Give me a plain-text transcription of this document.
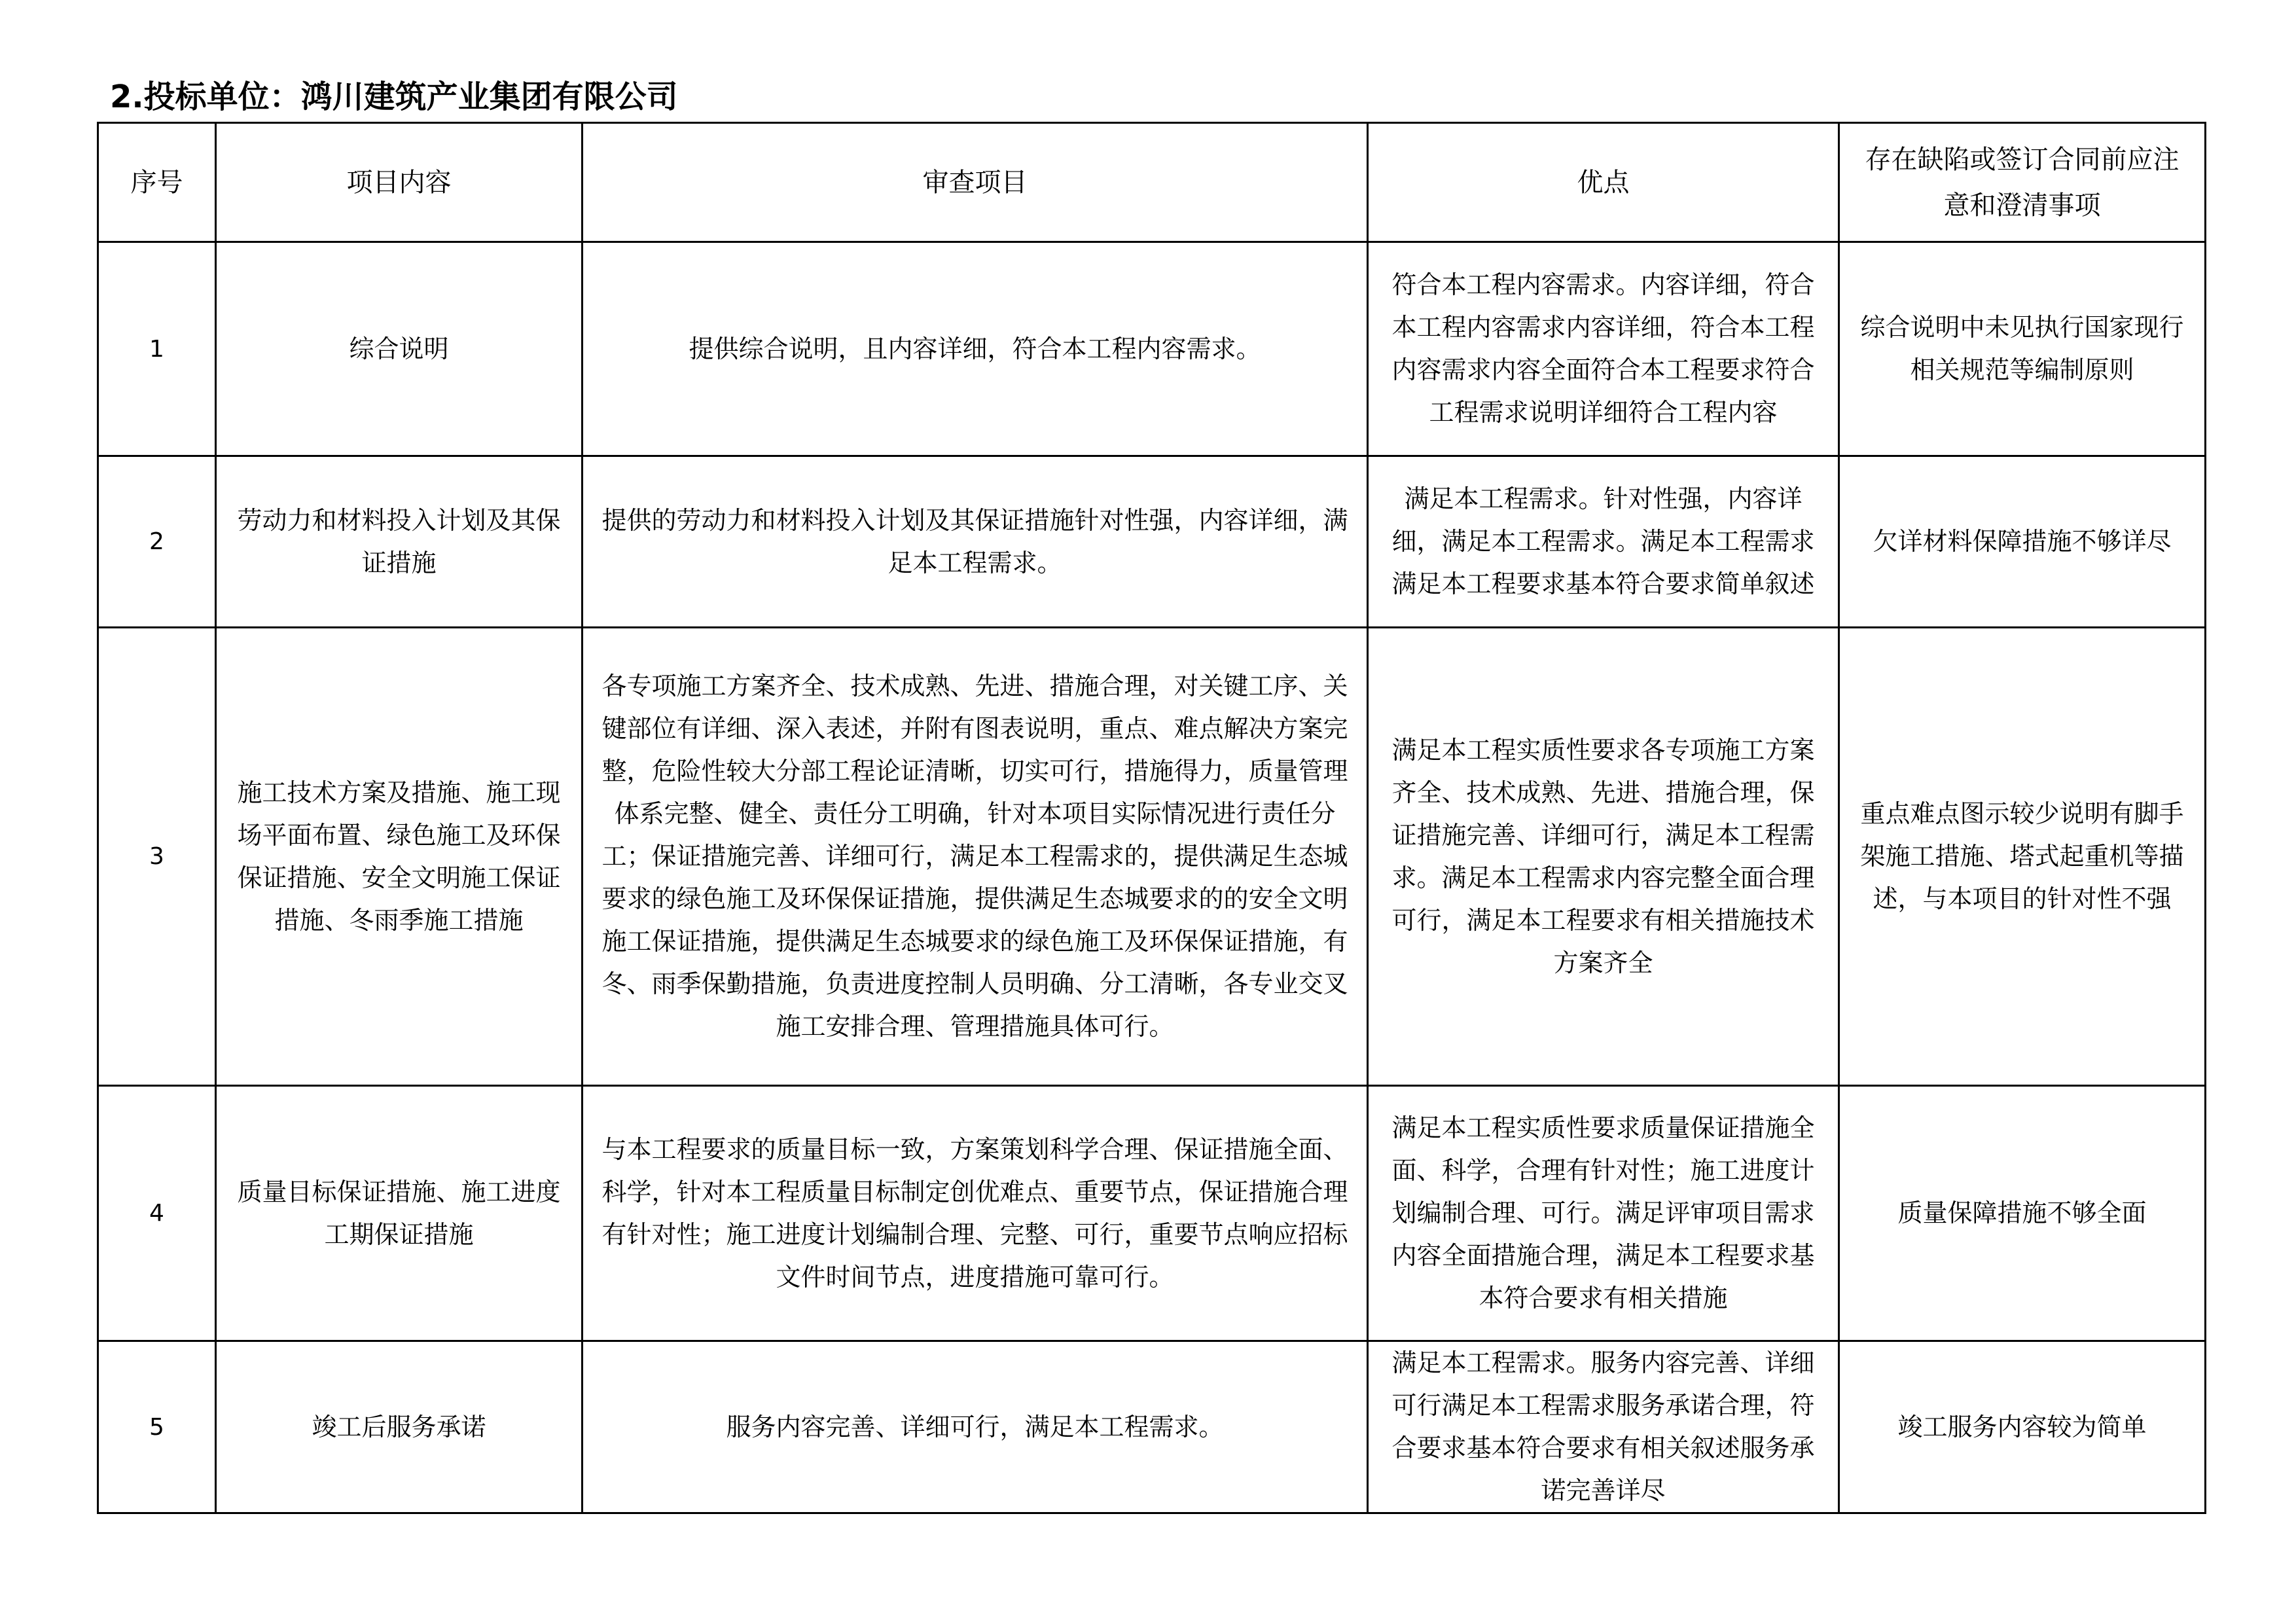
2.投标单位：鸿川建筑产业集团有限公司
序号	项目内容	审查项目	优点	存在缺陷或签订合同前应注意和澄清事项
1	综合说明	提供综合说明，且内容详细，符合本工程内容需求。	符合本工程内容需求。内容详细，符合本工程内容需求内容详细，符合本工程内容需求内容全面符合本工程要求符合工程需求说明详细符合工程内容	综合说明中未见执行国家现行相关规范等编制原则
2	劳动力和材料投入计划及其保证措施	提供的劳动力和材料投入计划及其保证措施针对性强，内容详细，满足本工程需求。	满足本工程需求。针对性强，内容详细，满足本工程需求。满足本工程需求满足本工程要求基本符合要求简单叙述	欠详材料保障措施不够详尽
3	施工技术方案及措施、施工现场平面布置、绿色施工及环保保证措施、安全文明施工保证措施、冬雨季施工措施	各专项施工方案齐全、技术成熟、先进、措施合理，对关键工序、关键部位有详细、深入表述，并附有图表说明，重点、难点解决方案完整，危险性较大分部工程论证清晰，切实可行，措施得力，质量管理体系完整、健全、责任分工明确，针对本项目实际情况进行责任分工；保证措施完善、详细可行，满足本工程需求的，提供满足生态城要求的绿色施工及环保保证措施，提供满足生态城要求的的安全文明施工保证措施，提供满足生态城要求的绿色施工及环保保证措施，有冬、雨季保勤措施，负责进度控制人员明确、分工清晰，各专业交叉施工安排合理、管理措施具体可行。	满足本工程实质性要求各专项施工方案齐全、技术成熟、先进、措施合理，保证措施完善、详细可行，满足本工程需求。满足本工程需求内容完整全面合理可行，满足本工程要求有相关措施技术方案齐全	重点难点图示较少说明有脚手架施工措施、塔式起重机等描述，与本项目的针对性不强
4	质量目标保证措施、施工进度工期保证措施	与本工程要求的质量目标一致，方案策划科学合理、保证措施全面、科学，针对本工程质量目标制定创优难点、重要节点，保证措施合理有针对性；施工进度计划编制合理、完整、可行，重要节点响应招标文件时间节点，进度措施可靠可行。	满足本工程实质性要求质量保证措施全面、科学，合理有针对性；施工进度计划编制合理、可行。满足评审项目需求内容全面措施合理，满足本工程要求基本符合要求有相关措施	质量保障措施不够全面
5	竣工后服务承诺	服务内容完善、详细可行，满足本工程需求。	满足本工程需求。服务内容完善、详细可行满足本工程需求服务承诺合理，符合要求基本符合要求有相关叙述服务承诺完善详尽	竣工服务内容较为简单
